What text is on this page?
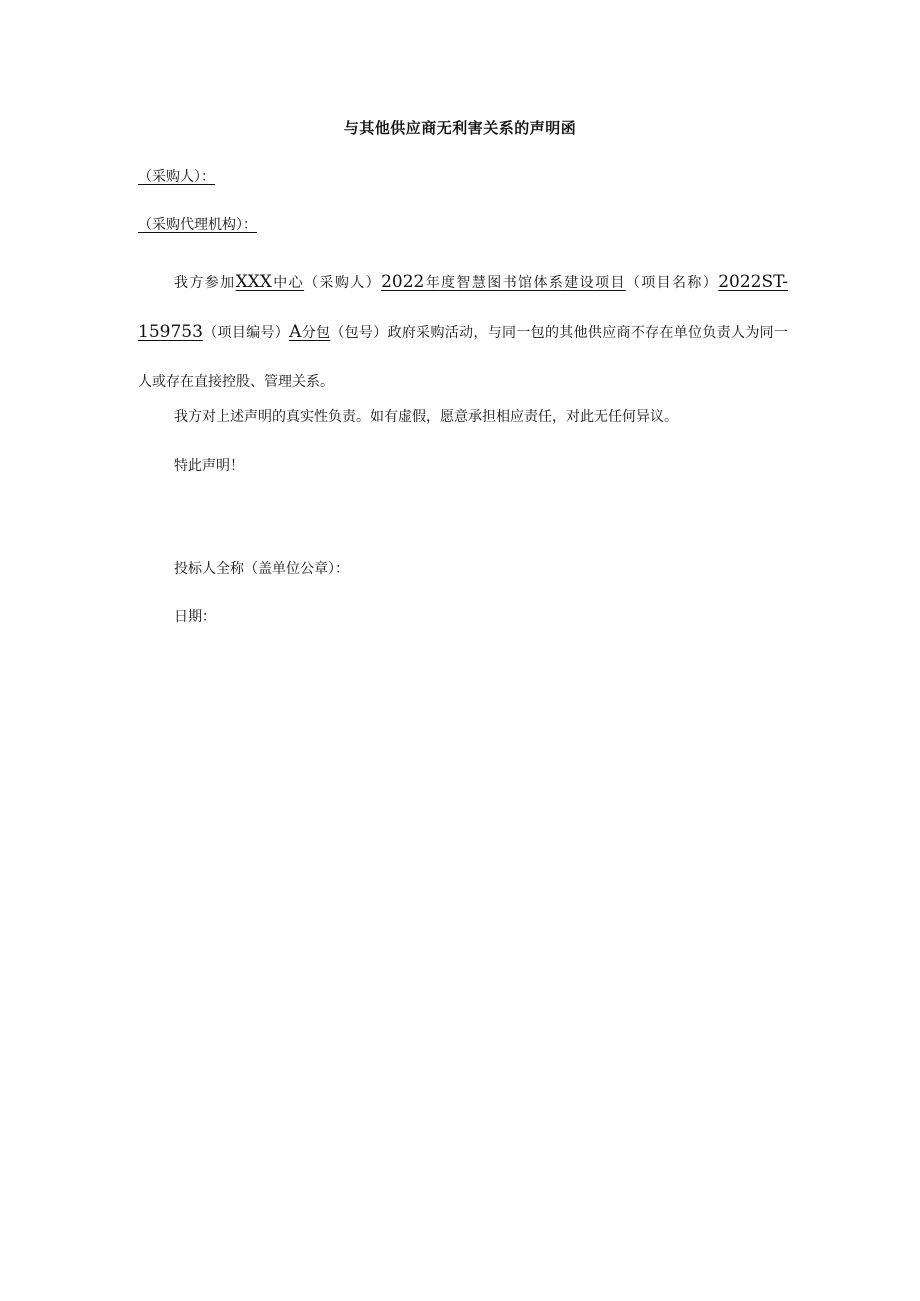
与其他供应商无利害关系的声明函
（采购人）：
（采购代理机构）：
我方参加XXX中心（采购人）2022年度智慧图书馆体系建设项目（项目名称）2022ST-159753（项目编号）A分包（包号）政府采购活动，与同一包的其他供应商不存在单位负责人为同一人或存在直接控股、管理关系。
我方对上述声明的真实性负责。如有虚假，愿意承担相应责任，对此无任何异议。
特此声明！
投标人全称（盖单位公章）：
日期：
